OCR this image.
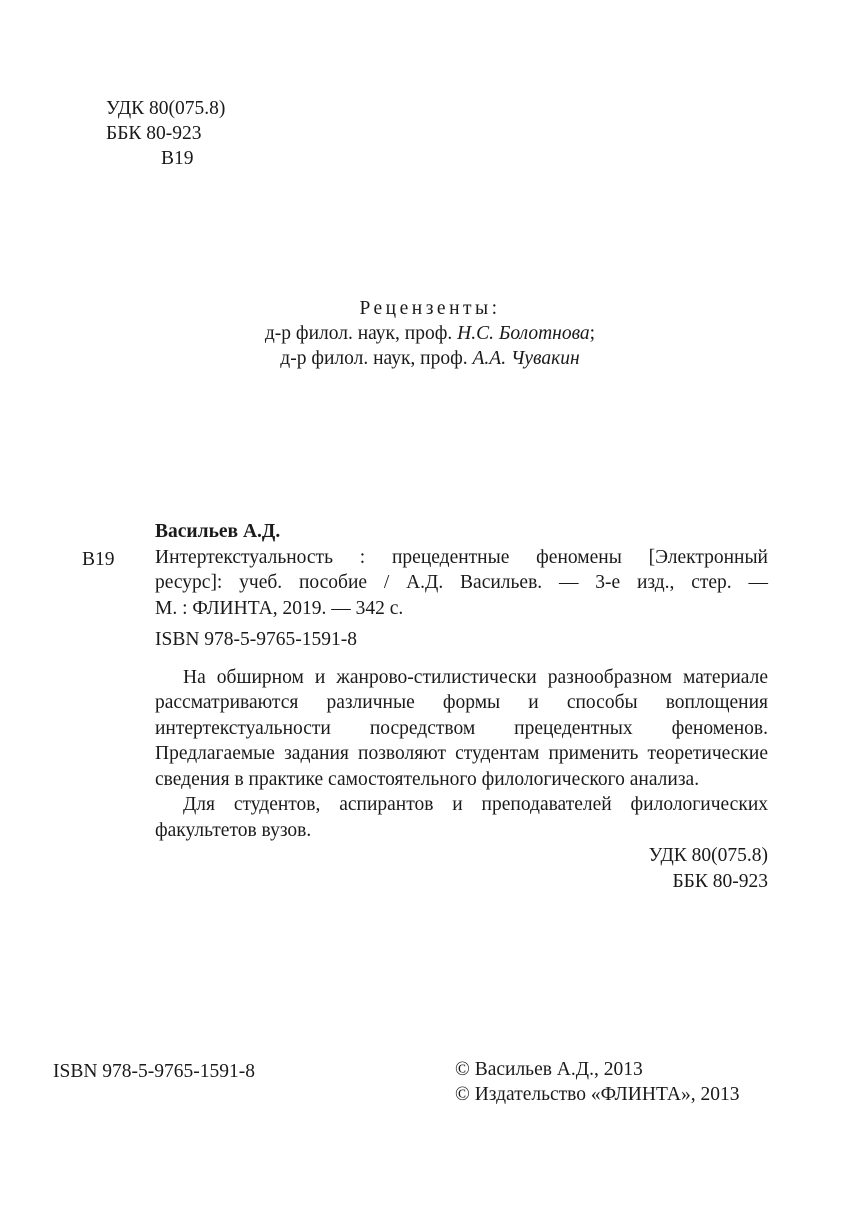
УДК 80(075.8)
ББК 80-923
В19
Рецензенты:
д-р филол. наук, проф. Н.С. Болотнова;
д-р филол. наук, проф. А.А. Чувакин
В19
Васильев А.Д.
Интертекстуальность : прецедентные феномены [Электронный
ресурс]: учеб. пособие / А.Д. Васильев. — 3-е изд., стер. —
М. : ФЛИНТА, 2019. — 342 с.
ISBN 978-5-9765-1591-8

На обширном и жанрово-стилистически разнообразном материале рассматриваются различные формы и способы воплощения интертекстуальности посредством прецедентных феноменов. Предлагаемые задания позволяют студентам применить теоретические сведения в практике самостоятельного филологического анализа.

Для студентов, аспирантов и преподавателей филологических факультетов вузов.

УДК 80(075.8)
ББК 80-923
ISBN 978-5-9765-1591-8	© Васильев А.Д., 2013
© Издательство «ФЛИНТА», 2013
